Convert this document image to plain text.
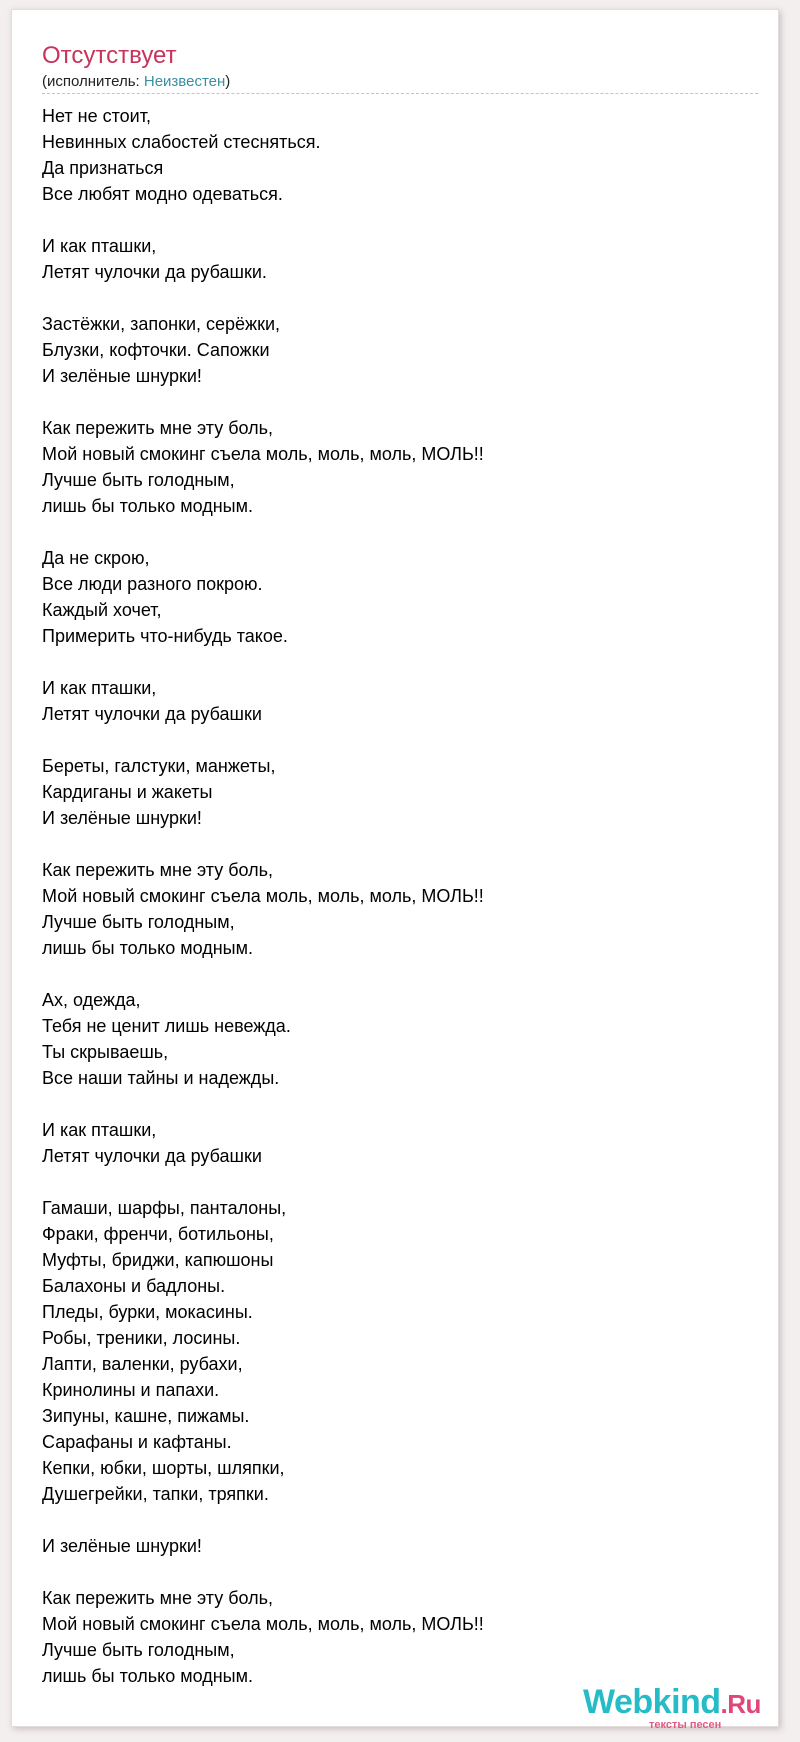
Отсутствует
(исполнитель: Неизвестен)
Нет не стоит,
Невинных слабостей стесняться.
Да признаться
Все любят модно одеваться.
И как пташки,
Летят чулочки да рубашки.
Застёжки, запонки, серёжки,
Блузки, кофточки. Сапожки
И зелёные шнурки!
Как пережить мне эту боль,
Мой новый смокинг съела моль, моль, моль, МОЛЬ!!
Лучше быть голодным,
лишь бы только модным.
Да не скрою,
Все люди разного покрою.
Каждый хочет,
Примерить что-нибудь такое.
И как пташки,
Летят чулочки да рубашки
Береты, галстуки, манжеты,
Кардиганы и жакеты
И зелёные шнурки!
Как пережить мне эту боль,
Мой новый смокинг съела моль, моль, моль, МОЛЬ!!
Лучше быть голодным,
лишь бы только модным.
Ах, одежда,
Тебя не ценит лишь невежда.
Ты скрываешь,
Все наши тайны и надежды.
И как пташки,
Летят чулочки да рубашки
Гамаши, шарфы, панталоны,
Фраки, френчи, ботильоны,
Муфты, бриджи, капюшоны
Балахоны и бадлоны.
Пледы, бурки, мокасины.
Робы, треники, лосины.
Лапти, валенки, рубахи,
Кринолины и папахи.
Зипуны, кашне, пижамы.
Сарафаны и кафтаны.
Кепки, юбки, шорты, шляпки,
Душегрейки, тапки, тряпки.
И зелёные шнурки!
Как пережить мне эту боль,
Мой новый смокинг съела моль, моль, моль, МОЛЬ!!
Лучше быть голодным,
лишь бы только модным.
Webkind.Ru
тексты песен
